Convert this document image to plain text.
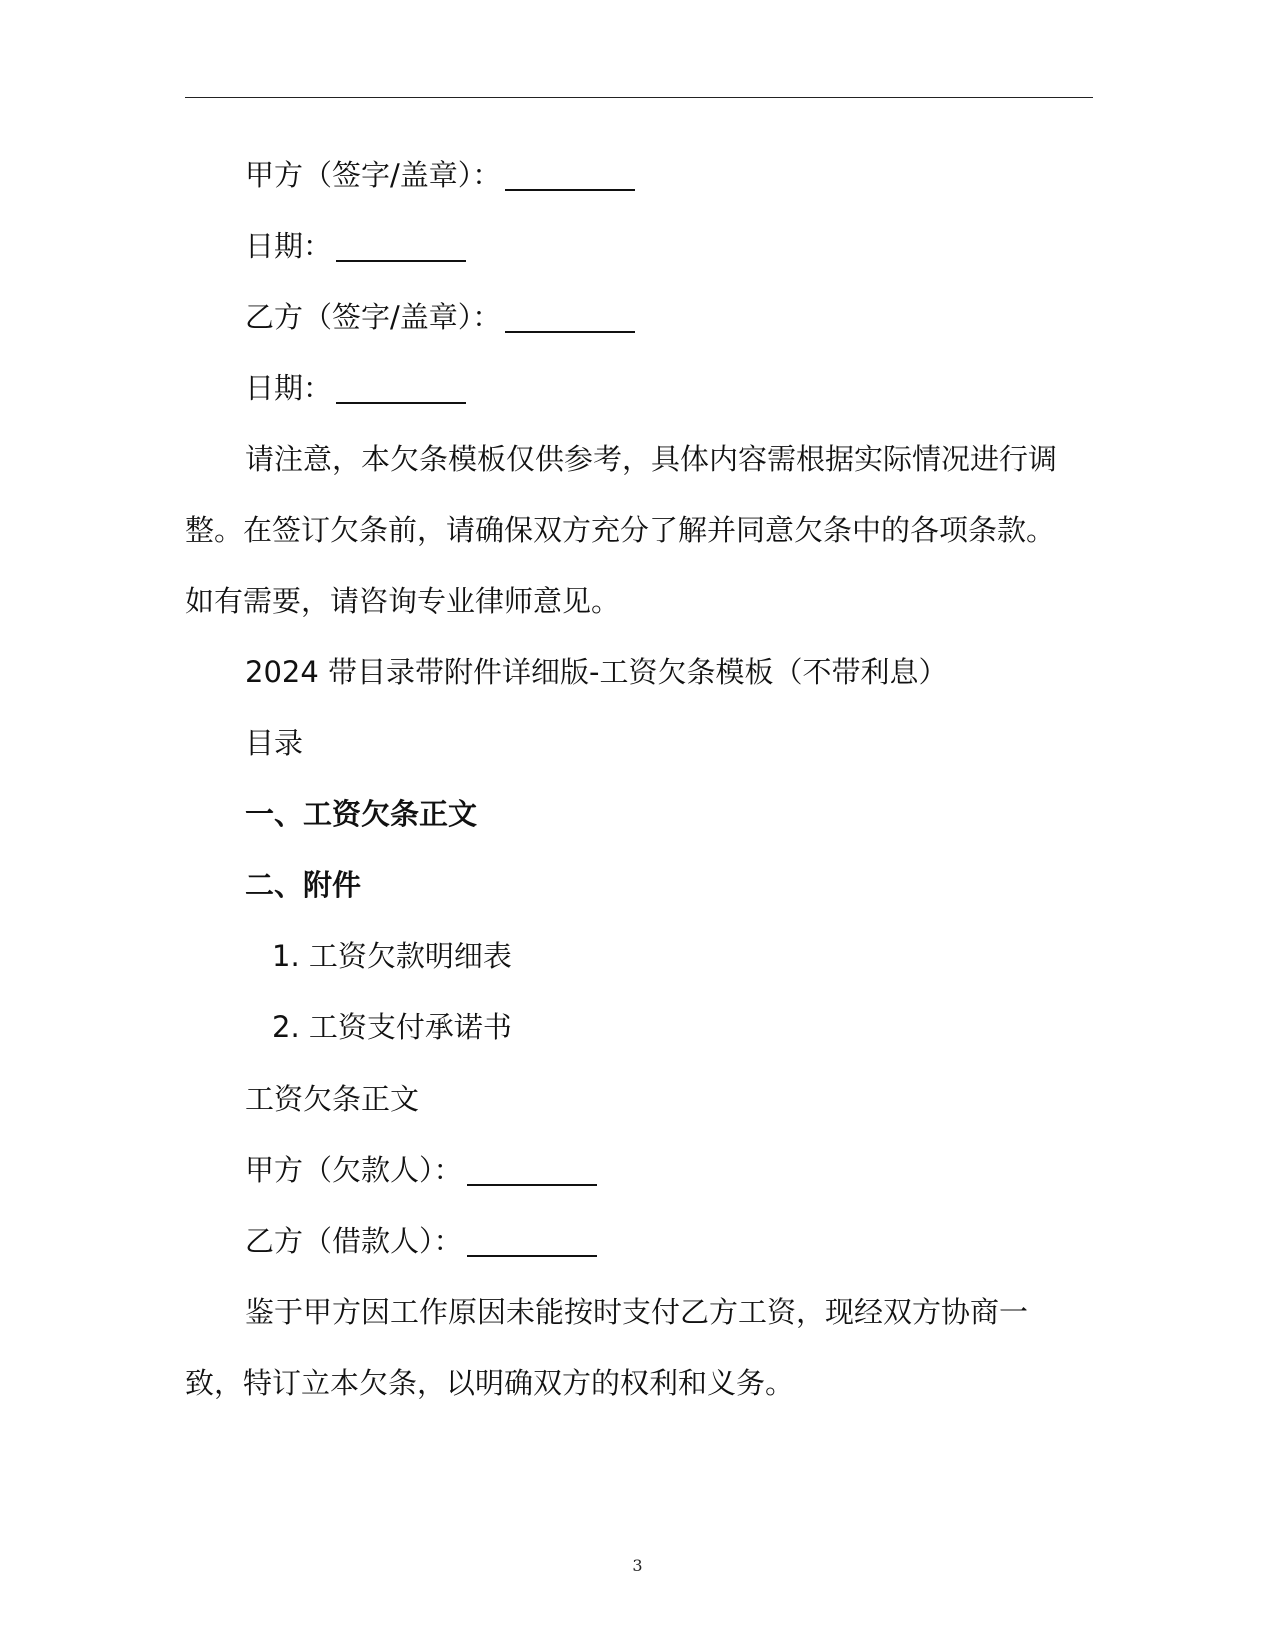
甲方（签字/盖章）：
日期：
乙方（签字/盖章）：
日期：
请注意，本欠条模板仅供参考，具体内容需根据实际情况进行调
整。在签订欠条前，请确保双方充分了解并同意欠条中的各项条款。
如有需要，请咨询专业律师意见。
2024 带目录带附件详细版-工资欠条模板（不带利息）
目录
一、工资欠条正文
二、附件
1. 工资欠款明细表
2. 工资支付承诺书
工资欠条正文
甲方（欠款人）：
乙方（借款人）：
鉴于甲方因工作原因未能按时支付乙方工资，现经双方协商一
致，特订立本欠条，以明确双方的权利和义务。
3
